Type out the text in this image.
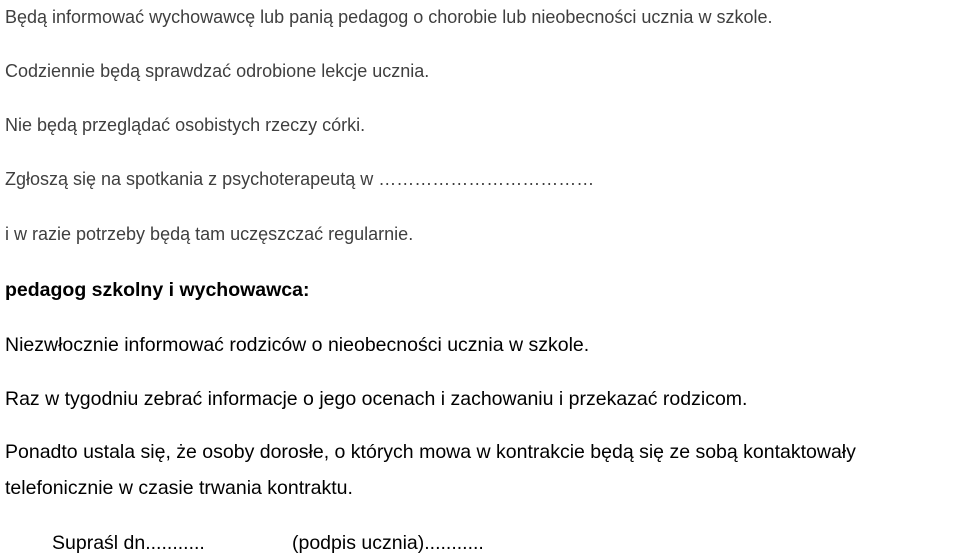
Będą informować wychowawcę lub panią pedagog o chorobie lub nieobecności ucznia w szkole.
Codziennie będą sprawdzać odrobione lekcje ucznia.
Nie będą przeglądać osobistych rzeczy córki.
Zgłoszą się na spotkania z psychoterapeutą w ………………………………
i w razie potrzeby będą tam uczęszczać regularnie.
pedagog szkolny i wychowawca:
Niezwłocznie informować rodziców o nieobecności ucznia w szkole.
Raz w tygodniu zebrać informacje o jego ocenach i zachowaniu i przekazać rodzicom.
Ponadto ustala się, że osoby dorosłe, o których mowa w kontrakcie będą się ze sobą kontaktowały
telefonicznie w czasie trwania kontraktu.
Supraśl dn...........	(podpis ucznia)...........
